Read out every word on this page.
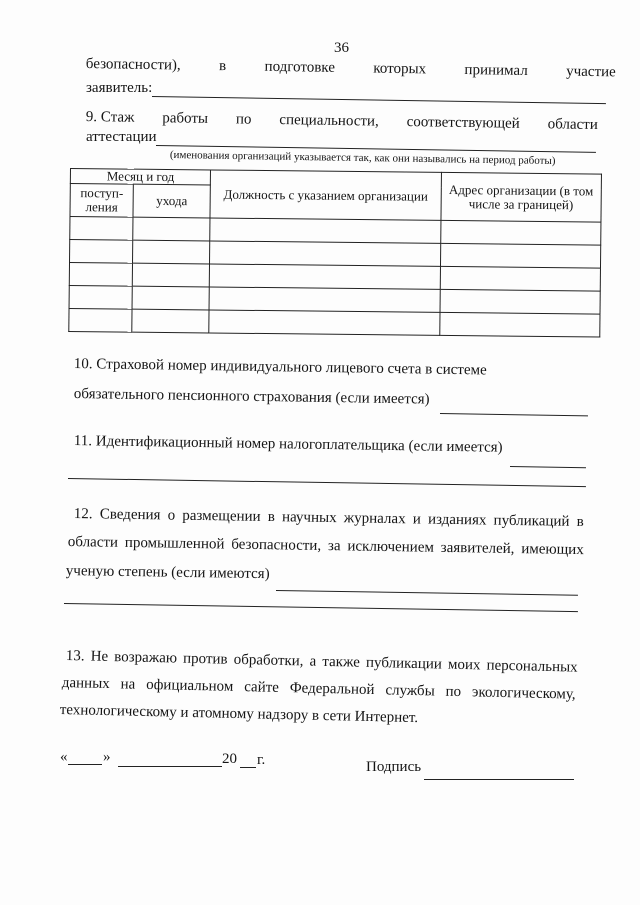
36
безопасности),	в	подготовке	которых	принимал	участие
заявитель:
9. Стаж работы по специальности, соответствующей области
аттестации
(именования организаций указывается так, как они назывались на период работы)
Месяц и год		Должность с указанием организации	Адрес организации (в том числе за границей)
поступ-ления	ухода		

10. Страховой номер индивидуального лицевого счета в системе
обязательного пенсионного страхования (если имеется)
11. Идентификационный номер налогоплательщика (если имеется)
12. Сведения о размещении в научных журналах и изданиях публикаций в
области промышленной безопасности, за исключением заявителей, имеющих
ученую степень (если имеются)
13. Не возражаю против обработки, а также публикации моих персональных
данных на официальном сайте Федеральной службы по экологическому,
технологическому и атомному надзору в сети Интернет.
« »	20 г.	Подпись
